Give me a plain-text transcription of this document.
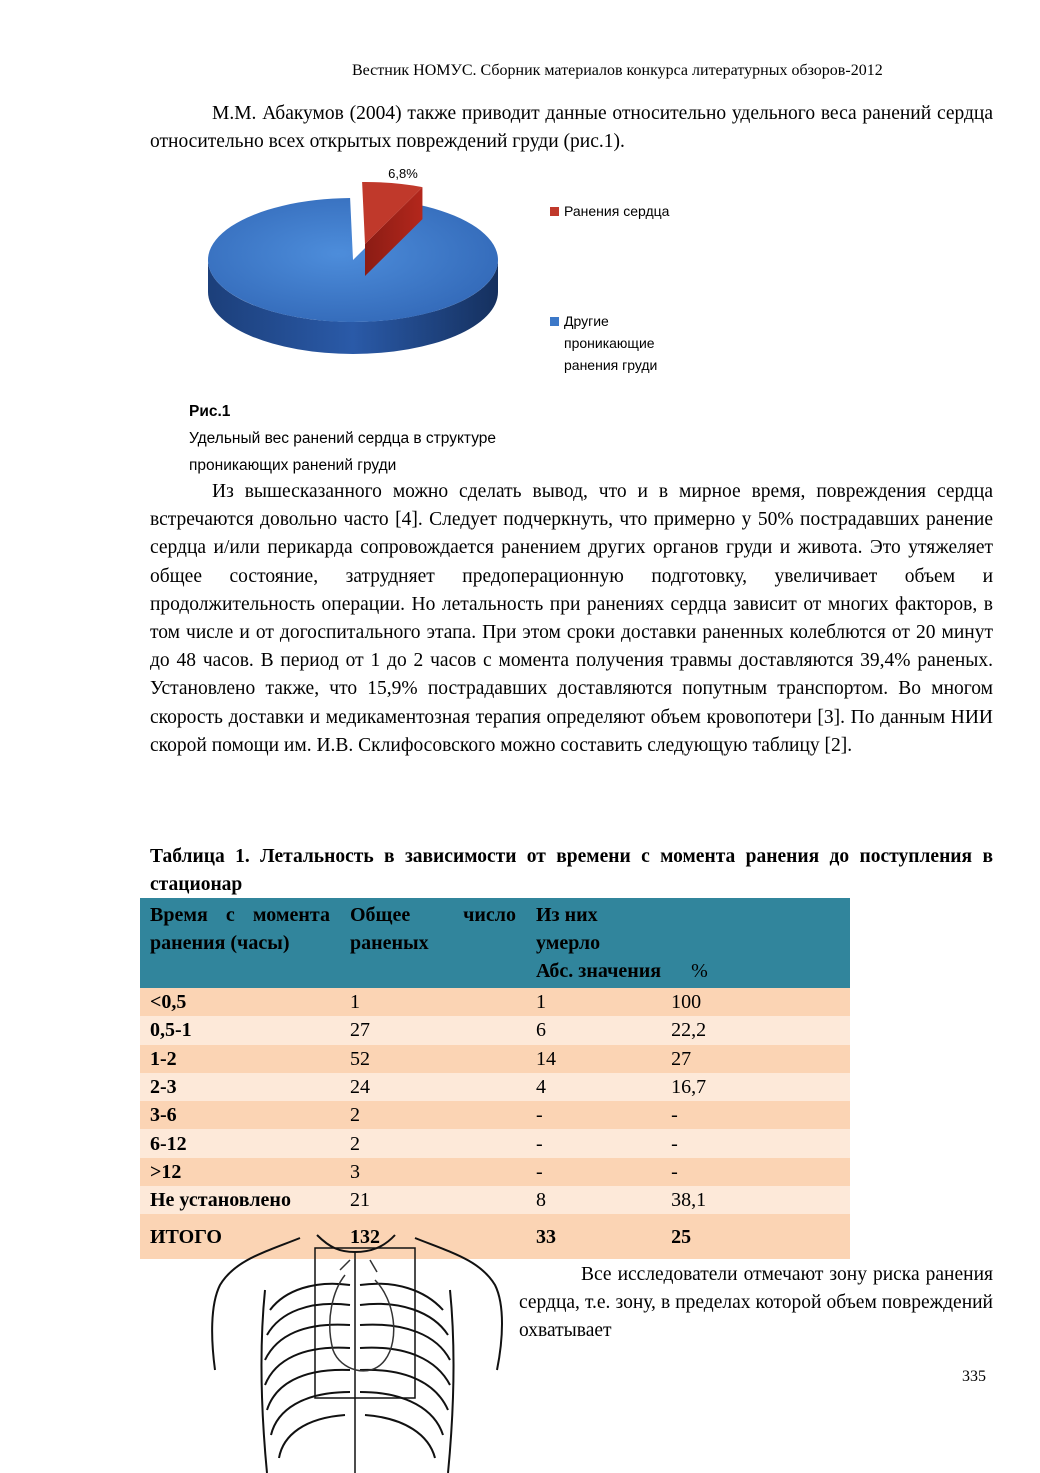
Вестник НОМУС. Сборник материалов конкурса литературных обзоров-2012
М.М. Абакумов (2004) также приводит данные относительно удельного веса ранений сердца относительно всех открытых повреждений груди (рис.1).
6,8%
Ранения сердца
Другие
проникающие
ранения груди
Рис.1
Удельный вес ранений сердца в структуре
проникающих ранений груди
Из вышесказанного можно сделать вывод, что и в мирное время, повреждения сердца встречаются довольно часто [4]. Следует подчеркнуть, что примерно у 50% пострадавших ранение сердца и/или перикарда сопровождается ранением других органов груди и живота. Это утяжеляет общее состояние, затрудняет предоперационную подготовку, увеличивает объем и продолжительность операции. Но летальность при ранениях сердца зависит от многих факторов, в том числе и от догоспитального этапа. При этом сроки доставки раненных колеблются от 20 минут до 48 часов. В период от 1 до 2 часов с момента получения травмы доставляются 39,4% раненых. Установлено также, что 15,9% пострадавших доставляются попутным транспортом. Во многом скорость доставки и медикаментозная терапия определяют объем кровопотери [3]. По данным НИИ скорой помощи им. И.В. Склифосовского можно составить следующую таблицу [2].
Таблица 1. Летальность в зависимости от времени с момента ранения до поступления в стационар
Время с момента ранения (часы)	Общее число раненых	Из них умерло
Абс. значения	%
<0,5	1	1	100
0,5-1	27	6	22,2
1-2	52	14	27
2-3	24	4	16,7
3-6	2	-	-
6-12	2	-	-
>12	3	-	-
Не установлено	21	8	38,1
ИТОГО	132	33	25
Все исследователи отмечают зону риска ранения сердца, т.е. зону, в пределах которой объем повреждений охватывает
335
